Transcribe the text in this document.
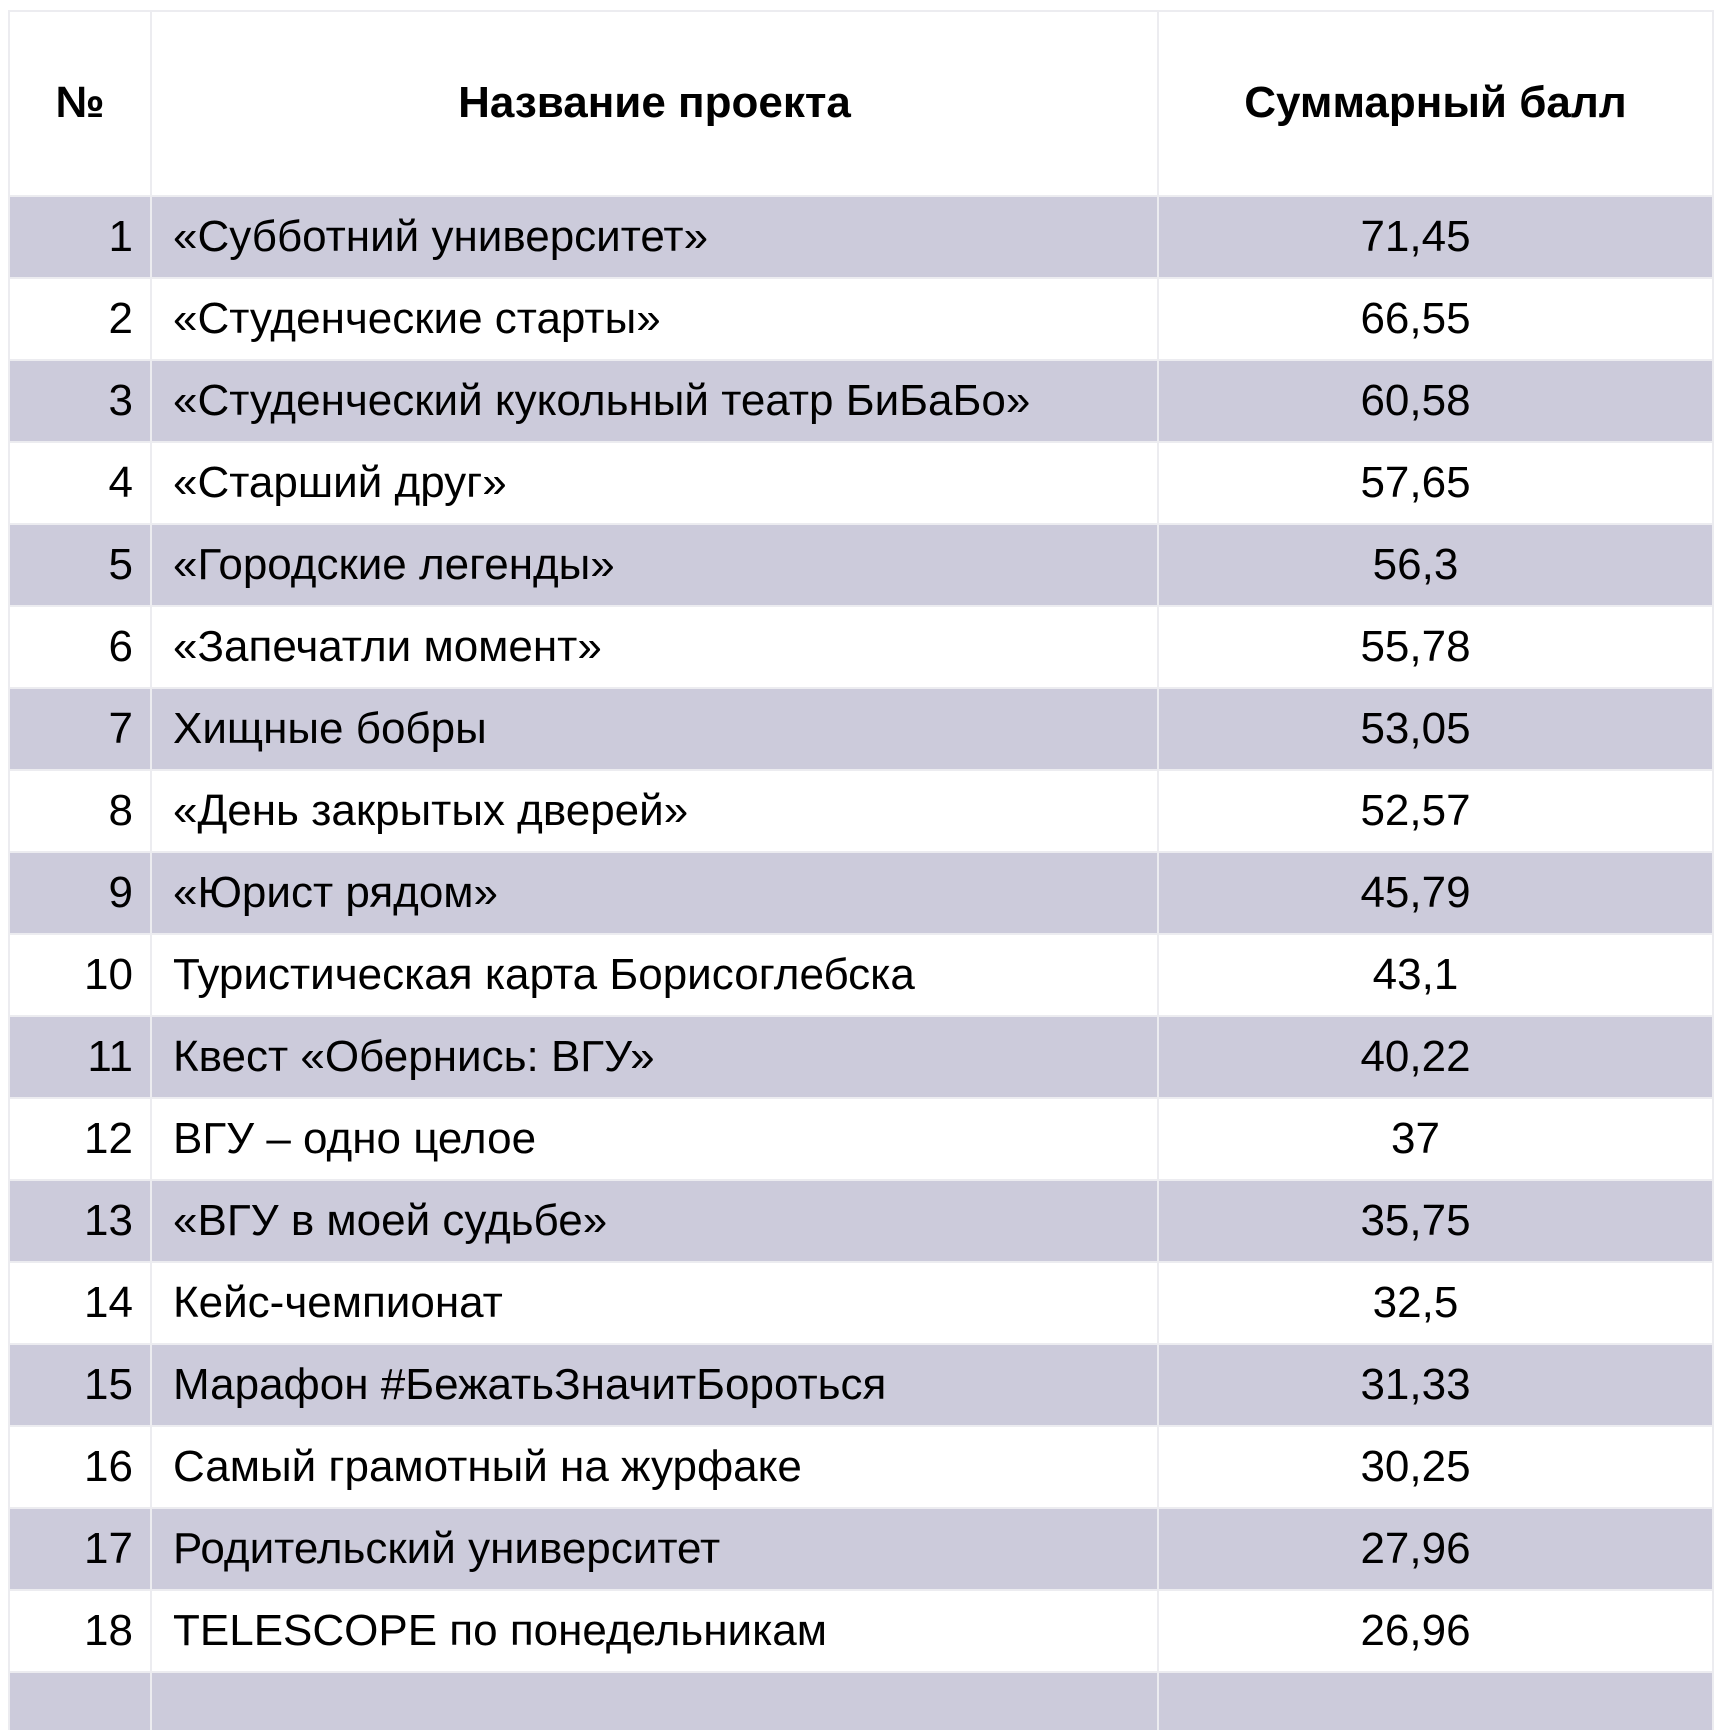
№	Название проекта	Суммарный балл
1	«Субботний университет»	71,45
2	«Студенческие старты»	66,55
3	«Студенческий кукольный театр БиБаБо»	60,58
4	«Старший друг»	57,65
5	«Городские легенды»	56,3
6	«Запечатли момент»	55,78
7	Хищные бобры	53,05
8	«День закрытых дверей»	52,57
9	«Юрист рядом»	45,79
10	Туристическая карта Борисоглебска	43,1
11	Квест «Обернись: ВГУ»	40,22
12	ВГУ – одно целое	37
13	«ВГУ в моей судьбе»	35,75
14	Кейс-чемпионат	32,5
15	Марафон #БежатьЗначитБороться	31,33
16	Самый грамотный на журфаке	30,25
17	Родительский университет	27,96
18	TELESCOPE по понедельникам	26,96
